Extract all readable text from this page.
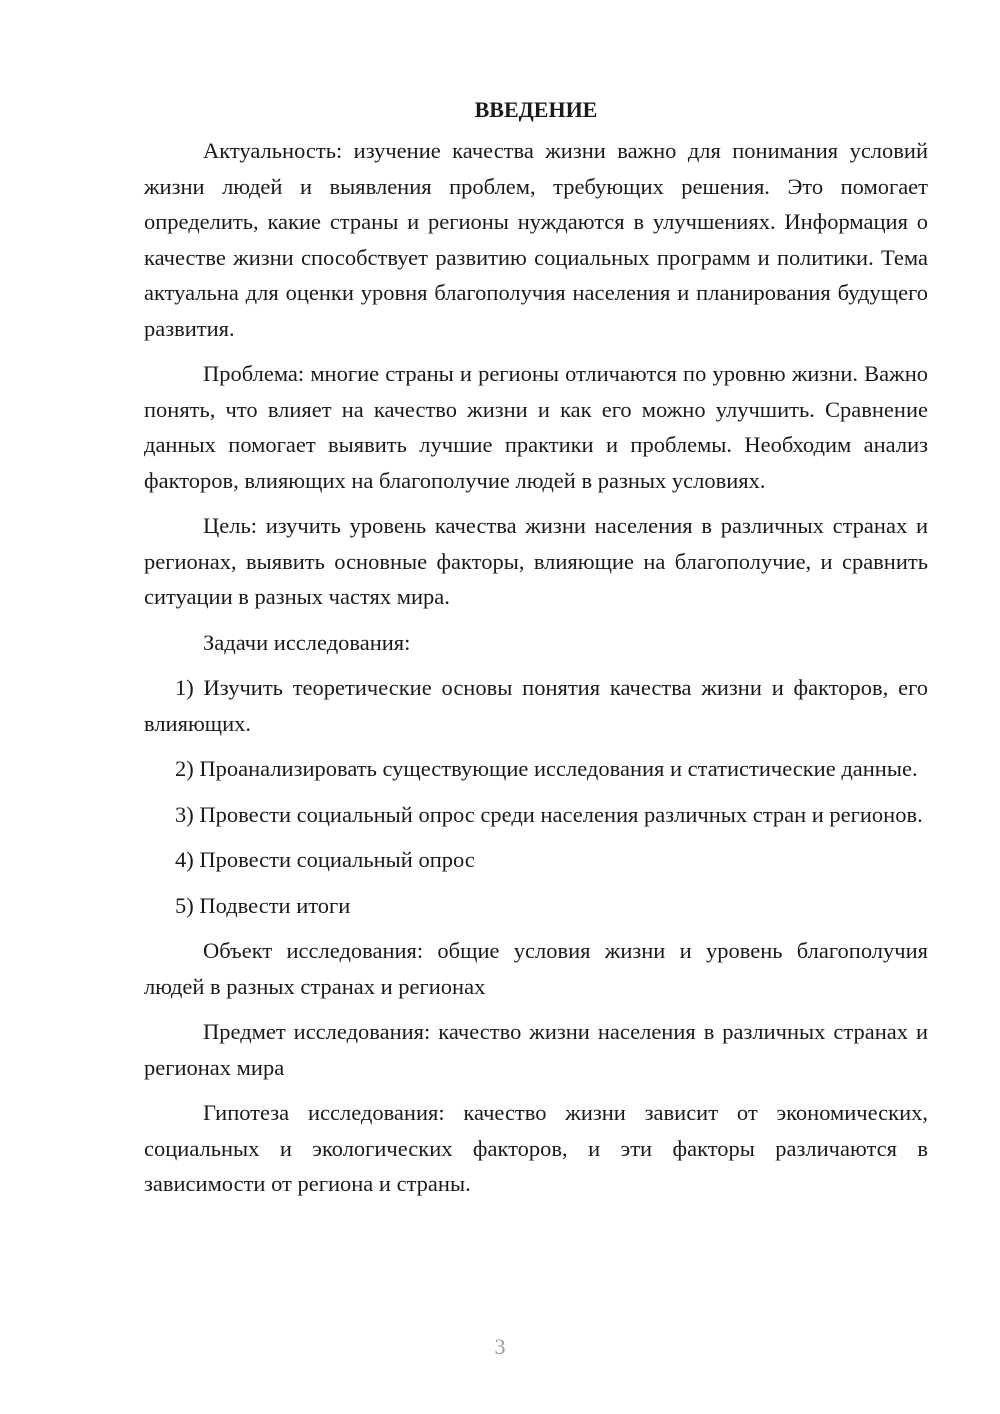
ВВЕДЕНИЕ

Актуальность: изучение качества жизни важно для понимания условий жизни людей и выявления проблем, требующих решения. Это помогает определить, какие страны и регионы нуждаются в улучшениях. Информация о качестве жизни способствует развитию социальных программ и политики. Тема актуальна для оценки уровня благополучия населения и планирования будущего развития.

Проблема: многие страны и регионы отличаются по уровню жизни. Важно понять, что влияет на качество жизни и как его можно улучшить. Сравнение данных помогает выявить лучшие практики и проблемы. Необходим анализ факторов, влияющих на благополучие людей в разных условиях.

Цель: изучить уровень качества жизни населения в различных странах и регионах, выявить основные факторы, влияющие на благополучие, и сравнить ситуации в разных частях мира.

Задачи исследования:

1) Изучить теоретические основы понятия качества жизни и факторов, его влияющих.

2) Проанализировать существующие исследования и статистические данные.

3) Провести социальный опрос среди населения различных стран и регионов.

4) Провести социальный опрос

5) Подвести итоги

Объект исследования: общие условия жизни и уровень благополучия людей в разных странах и регионах

Предмет исследования: качество жизни населения в различных странах и регионах мира

Гипотеза исследования: качество жизни зависит от экономических, социальных и экологических факторов, и эти факторы различаются в зависимости от региона и страны.

3
